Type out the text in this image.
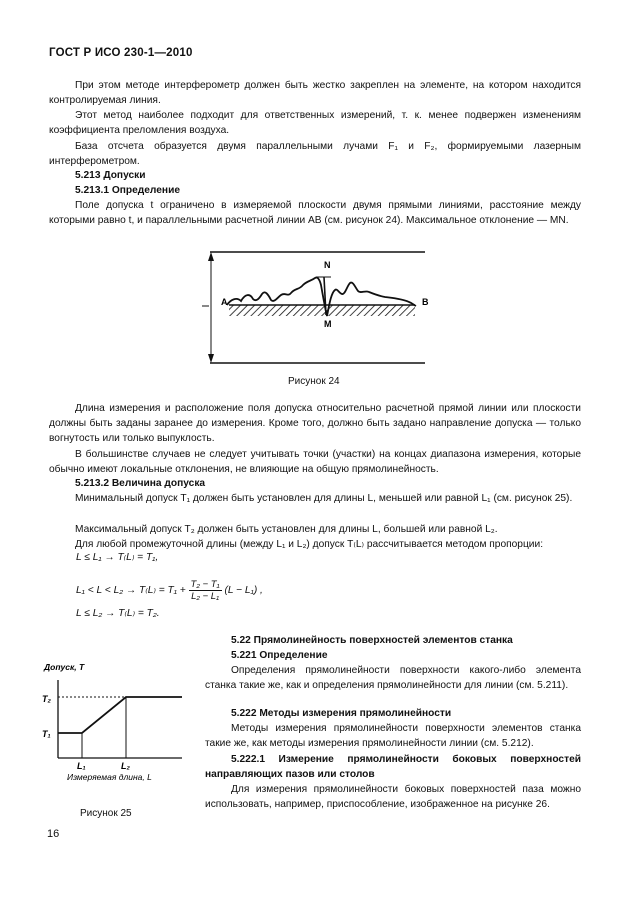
ГОСТ Р ИСО 230-1—2010

При этом методе интерферометр должен быть жестко закреплен на элементе, на котором находится контролируемая линия.

Этот метод наиболее подходит для ответственных измерений, т. к. менее подвержен изменениям коэффициента преломления воздуха.

База отсчета образуется двумя параллельными лучами F₁ и F₂, формируемыми лазерным интерферометром.

5.213 Допуски

5.213.1 Определение

Поле допуска t ограничено в измеряемой плоскости двумя прямыми линиями, расстояние между которыми равно t, и параллельными расчетной линии AB (см. рисунок 24). Максимальное отклонение — MN.

A	B
N
M
Рисунок 24

Длина измерения и расположение поля допуска относительно расчетной прямой линии или плоскости должны быть заданы заранее до измерения. Кроме того, должно быть задано направление допуска — только вогнутость или только выпуклость.

В большинстве случаев не следует учитывать точки (участки) на концах диапазона измерения, которые обычно имеют локальные отклонения, не влияющие на общую прямолинейность.

5.213.2 Величина допуска

Минимальный допуск T₁ должен быть установлен для длины L, меньшей или равной L₁ (см. рисунок 25).

Максимальный допуск T₂ должен быть установлен для длины L, большей или равной L₂.

Для любой промежуточной длины (между L₁ и L₂) допуск T₍L₎ рассчитывается методом пропорции:

L ≤ L₁ → T₍L₎ = T₁,
$L_1 < L < L_2 \to T_(L_) = T_1 + \frac{\text{T₂ − T₁}}{\text{L₂ − L₁}} (L - L_1)$ ,
L ≤ L₂ → T₍L₎ = T₂.
Допуск, T
T₂
T₁
L₁	L₂
Измеряемая длина, L
Рисунок 25

5.22 Прямолинейность поверхностей элементов станка

5.221 Определение

Определения прямолинейности поверхности какого-либо элемента станка такие же, как и определения прямолинейности для линии (см. 5.211).

5.222 Методы измерения прямолинейности

Методы измерения прямолинейности поверхности элементов станка такие же, как методы измерения прямолинейности линии (см. 5.212).

5.222.1 Измерение прямолинейности боковых поверхностей направляющих пазов или столов

Для измерения прямолинейности боковых поверхностей паза можно использовать, например, приспособление, изображенное на рисунке 26.

16
